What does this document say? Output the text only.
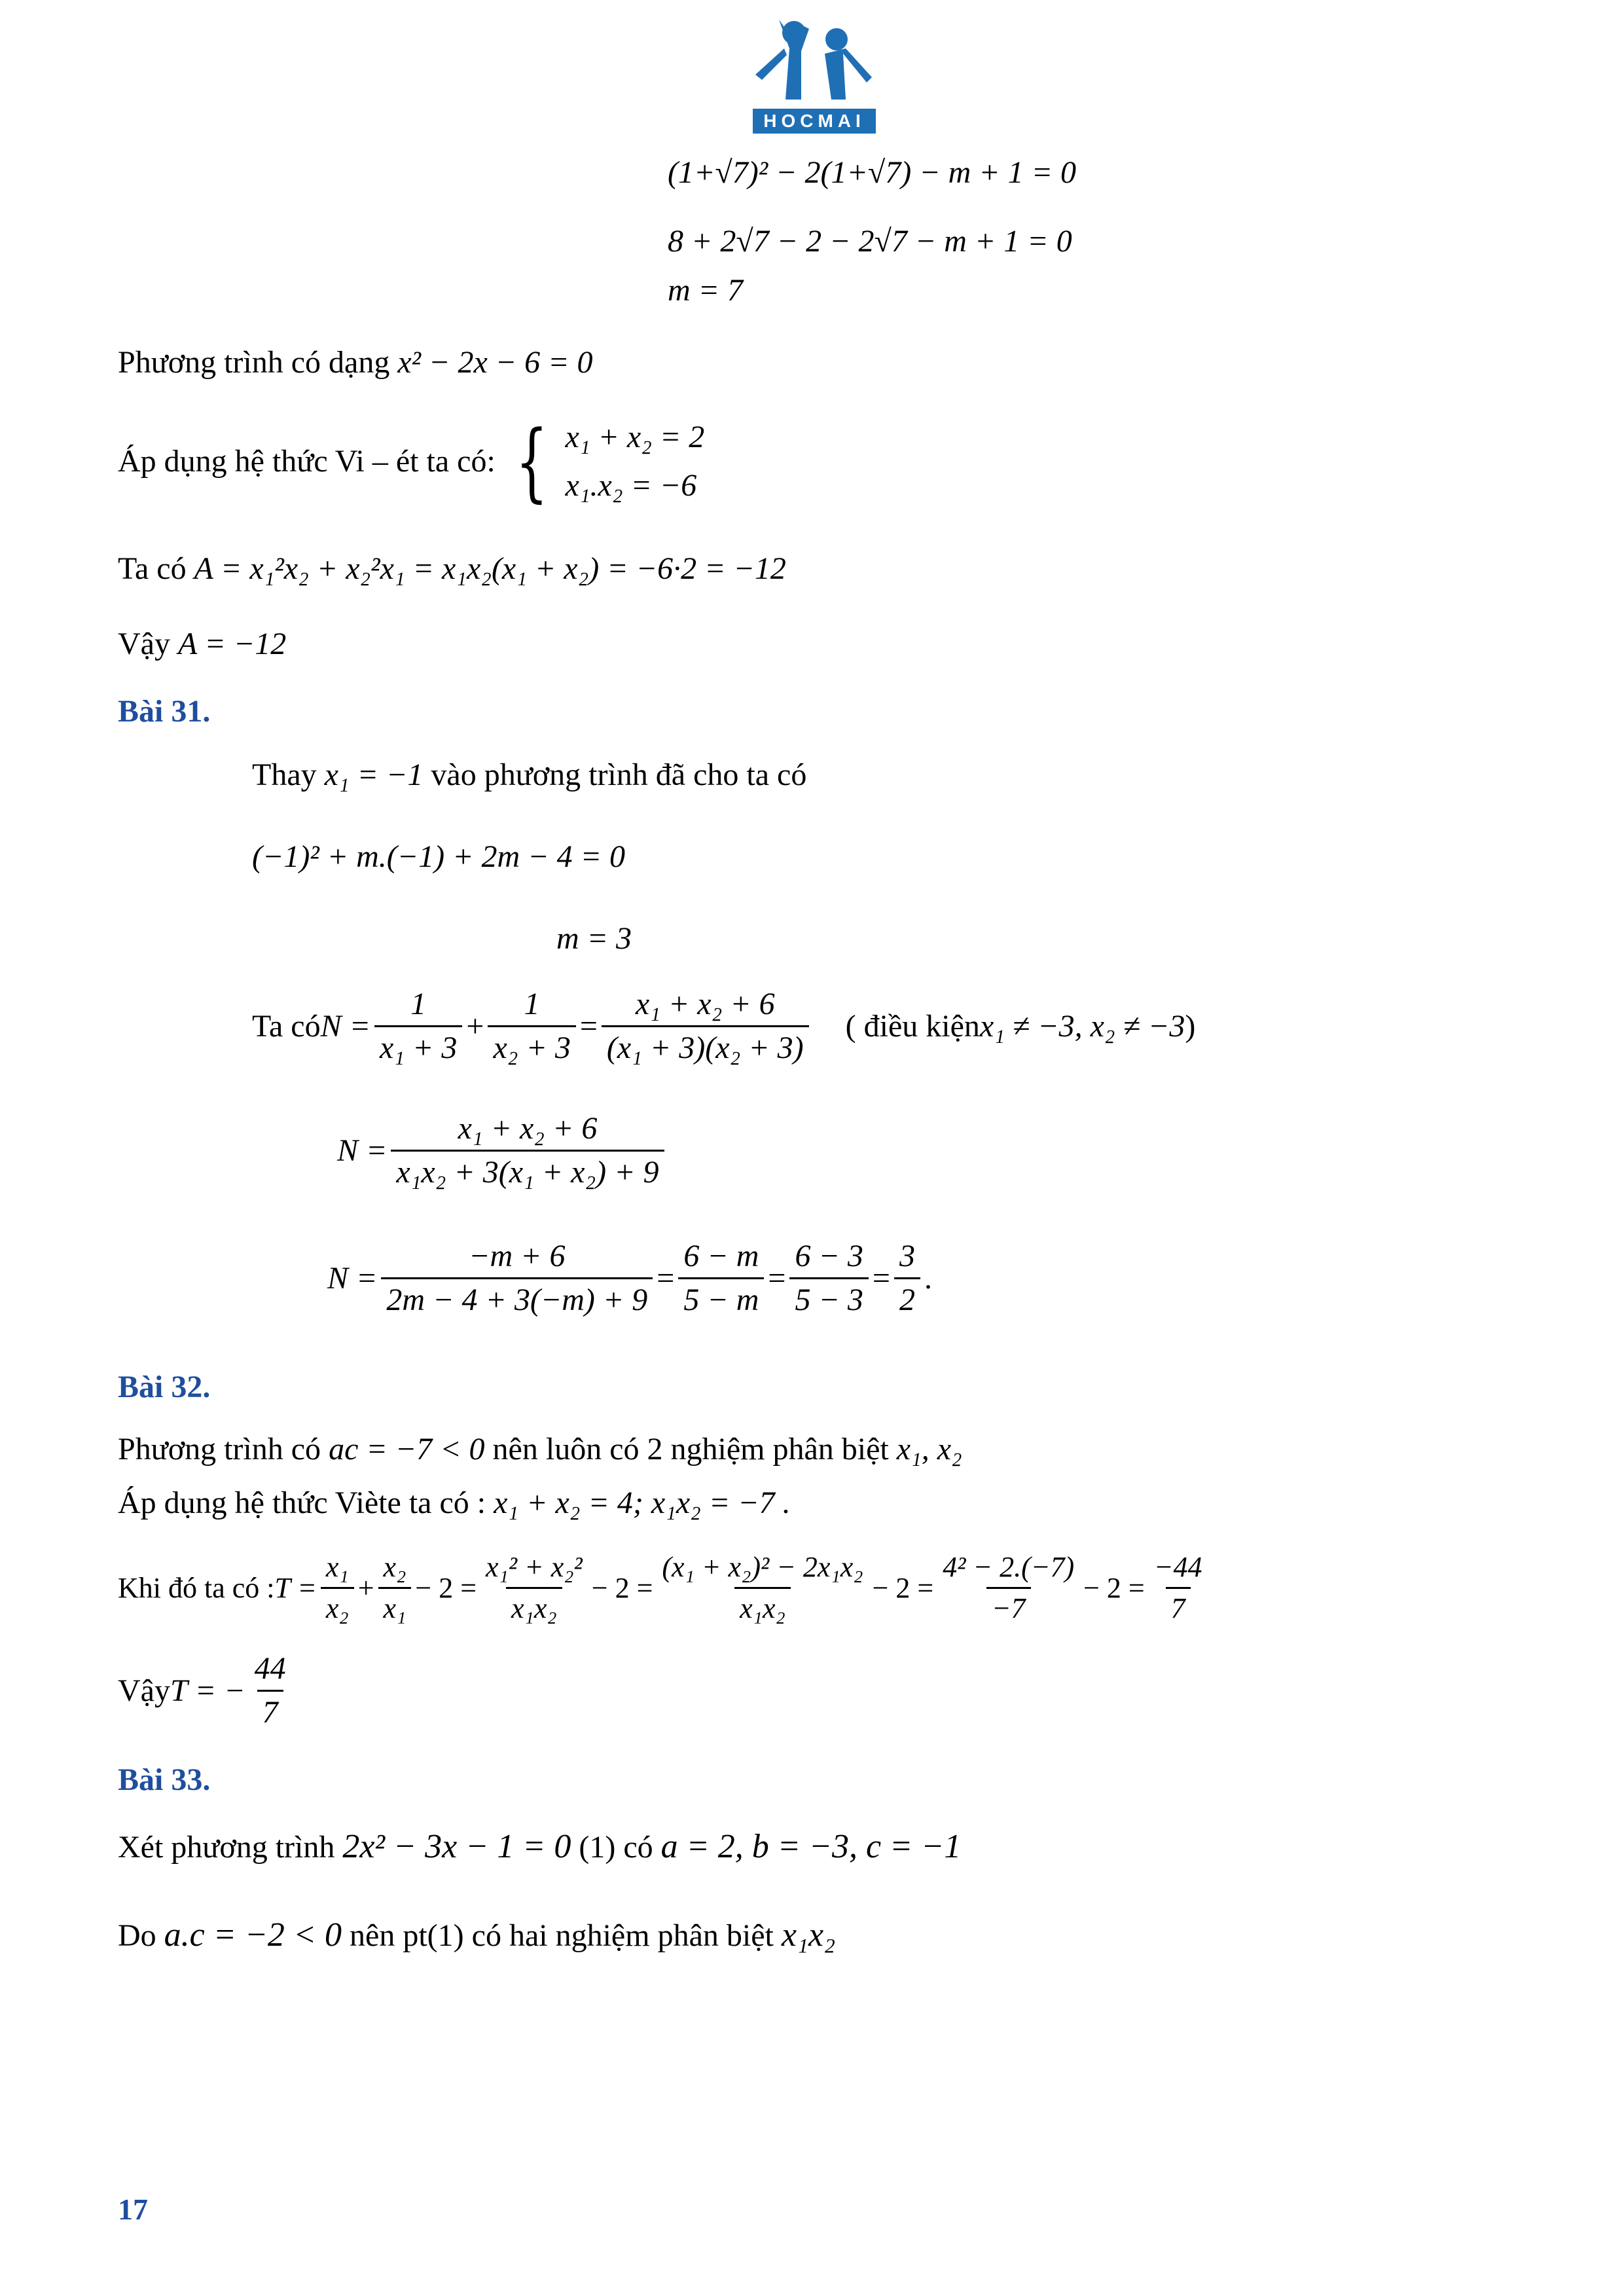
HOCMAI
(1+√7)² − 2(1+√7) − m + 1 = 0
8 + 2√7 − 2 − 2√7 − m + 1 = 0
m = 7
Phương trình có dạng x² − 2x − 6 = 0
Áp dụng hệ thức Vi – ét ta có: { x₁ + x₂ = 2
x₁.x₂ = −6
Ta có A = x₁²x₂ + x₂²x₁ = x₁x₂(x₁ + x₂) = −6·2 = −12
Vậy A = −12
Bài 31.
Thay x₁ = −1 vào phương trình đã cho ta có
(−1)² + m.(−1) + 2m − 4 = 0
m = 3
Ta có $N = \frac{1}{\text{x₁ + 3}} + \frac{1}{\text{x₂ + 3}} = \frac{\text{x₁ + x₂ + 6}}{\text{(x₁ + 3)(x₂ + 3)}}$ ( điều kiện x₁ ≠ −3, x₂ ≠ −3 )
$N = \frac{\text{x₁ + x₂ + 6}}{\text{x₁x₂ + 3(x₁ + x₂) + 9}}$
$N = \frac{-m + 6}{2m - 4 + 3(-m) + 9} = \frac{6 - m}{5 - m} = \frac{6 - 3}{5 - 3} = \frac{3}{2}$ .
Bài 32.
Phương trình có ac = −7 < 0 nên luôn có 2 nghiệm phân biệt x₁, x₂
Áp dụng hệ thức Viète ta có : x₁ + x₂ = 4; x₁x₂ = −7 .
Khi đó ta có : $T = \frac{\text{x₁}}{\text{x₂}} + \frac{\text{x₂}}{\text{x₁}} - 2 = \frac{\text{x₁² + x₂²}}{\text{x₁x₂}} - 2 = \frac{\text{(x₁ + x₂)² − 2x₁x₂}}{\text{x₁x₂}} - 2 = \frac{\text{4² − 2.(−7)}}{-7} - 2 = \frac{-44}{7}$
Vậy T = − $\frac{44}{7}$
Bài 33.
Xét phương trình 2x² − 3x − 1 = 0 (1) có a = 2, b = −3, c = −1
Do a.c = −2 < 0 nên pt(1) có hai nghiệm phân biệt x₁x₂
17
